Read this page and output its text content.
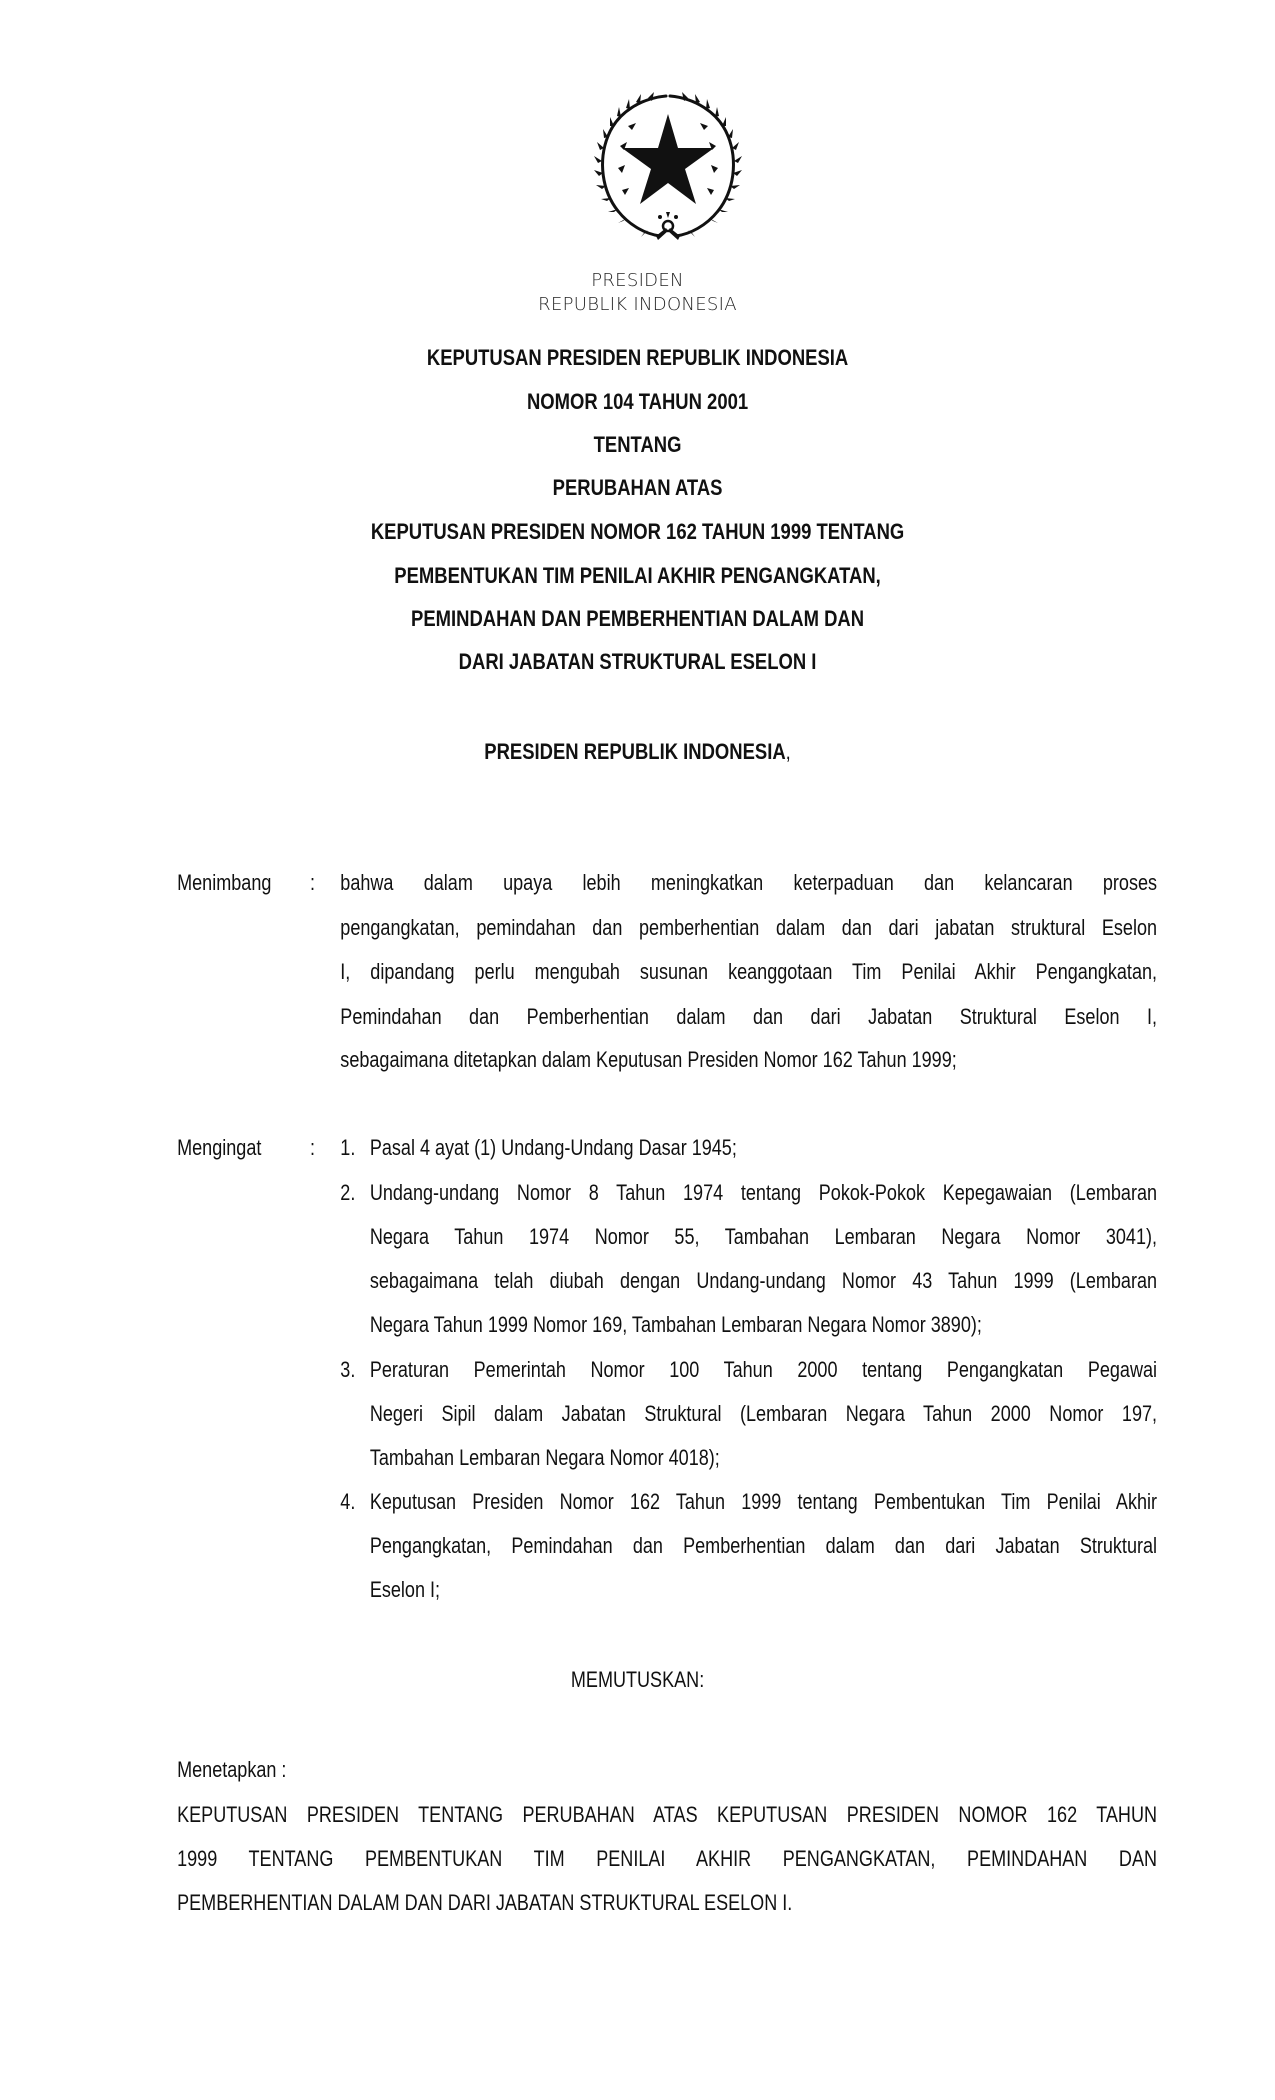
PRESIDEN
REPUBLIK INDONESIA
KEPUTUSAN PRESIDEN REPUBLIK INDONESIA
NOMOR 104 TAHUN 2001
TENTANG
PERUBAHAN ATAS
KEPUTUSAN PRESIDEN NOMOR 162 TAHUN 1999 TENTANG
PEMBENTUKAN TIM PENILAI AKHIR PENGANGKATAN,
PEMINDAHAN DAN PEMBERHENTIAN DALAM DAN
DARI JABATAN STRUKTURAL ESELON I
PRESIDEN REPUBLIK INDONESIA,
Menimbang : bahwa dalam upaya lebih meningkatkan keterpaduan dan kelancaran proses
pengangkatan, pemindahan dan pemberhentian dalam dan dari jabatan struktural Eselon
I, dipandang perlu mengubah susunan keanggotaan Tim Penilai Akhir Pengangkatan,
Pemindahan dan Pemberhentian dalam dan dari Jabatan Struktural Eselon I,
sebagaimana ditetapkan dalam Keputusan Presiden Nomor 162 Tahun 1999;
Mengingat : 1. Pasal 4 ayat (1) Undang-Undang Dasar 1945;
2. Undang-undang Nomor 8 Tahun 1974 tentang Pokok-Pokok Kepegawaian (Lembaran
Negara Tahun 1974 Nomor 55, Tambahan Lembaran Negara Nomor 3041),
sebagaimana telah diubah dengan Undang-undang Nomor 43 Tahun 1999 (Lembaran
Negara Tahun 1999 Nomor 169, Tambahan Lembaran Negara Nomor 3890);
3. Peraturan Pemerintah Nomor 100 Tahun 2000 tentang Pengangkatan Pegawai
Negeri Sipil dalam Jabatan Struktural (Lembaran Negara Tahun 2000 Nomor 197,
Tambahan Lembaran Negara Nomor 4018);
4. Keputusan Presiden Nomor 162 Tahun 1999 tentang Pembentukan Tim Penilai Akhir
Pengangkatan, Pemindahan dan Pemberhentian dalam dan dari Jabatan Struktural
Eselon I;
MEMUTUSKAN:
Menetapkan :
KEPUTUSAN PRESIDEN TENTANG PERUBAHAN ATAS KEPUTUSAN PRESIDEN NOMOR 162 TAHUN
1999 TENTANG PEMBENTUKAN TIM PENILAI AKHIR PENGANGKATAN, PEMINDAHAN DAN
PEMBERHENTIAN DALAM DAN DARI JABATAN STRUKTURAL ESELON I.
